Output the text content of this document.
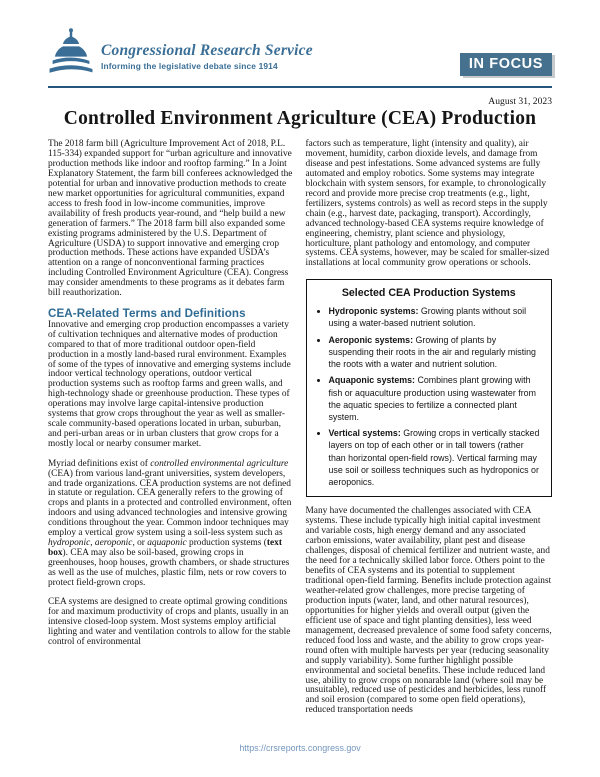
Congressional Research Service
Informing the legislative debate since 1914	IN FOCUS
August 31, 2023
Controlled Environment Agriculture (CEA) Production

The 2018 farm bill (Agriculture Improvement Act of 2018, P.L. 115-334) expanded support for “urban agriculture and innovative production methods like indoor and rooftop farming.” In a Joint Explanatory Statement, the farm bill conferees acknowledged the potential for urban and innovative production methods to create new market opportunities for agricultural communities, expand access to fresh food in low-income communities, improve availability of fresh products year-round, and “help build a new generation of farmers.” The 2018 farm bill also expanded some existing programs administered by the U.S. Department of Agriculture (USDA) to support innovative and emerging crop production methods. These actions have expanded USDA’s attention on a range of nonconventional farming practices including Controlled Environment Agriculture (CEA). Congress may consider amendments to these programs as it debates farm bill reauthorization.

CEA-Related Terms and Definitions

Innovative and emerging crop production encompasses a variety of cultivation techniques and alternative modes of production compared to that of more traditional outdoor open-field production in a mostly land-based rural environment. Examples of some of the types of innovative and emerging systems include indoor vertical technology operations, outdoor vertical production systems such as rooftop farms and green walls, and high-technology shade or greenhouse production. These types of operations may involve large capital-intensive production systems that grow crops throughout the year as well as smaller-scale community-based operations located in urban, suburban, and peri-urban areas or in urban clusters that grow crops for a mostly local or nearby consumer market.

Myriad definitions exist of controlled environmental agriculture (CEA) from various land-grant universities, system developers, and trade organizations. CEA production systems are not defined in statute or regulation. CEA generally refers to the growing of crops and plants in a protected and controlled environment, often indoors and using advanced technologies and intensive growing conditions throughout the year. Common indoor techniques may employ a vertical grow system using a soil-less system such as hydroponic, aeroponic, or aquaponic production systems (text box). CEA may also be soil-based, growing crops in greenhouses, hoop houses, growth chambers, or shade structures as well as the use of mulches, plastic film, nets or row covers to protect field-grown crops.

CEA systems are designed to create optimal growing conditions for and maximum productivity of crops and plants, usually in an intensive closed-loop system. Most systems employ artificial lighting and water and ventilation controls to allow for the stable control of environmental

factors such as temperature, light (intensity and quality), air movement, humidity, carbon dioxide levels, and damage from disease and pest infestations. Some advanced systems are fully automated and employ robotics. Some systems may integrate blockchain with system sensors, for example, to chronologically record and provide more precise crop treatments (e.g., light, fertilizers, systems controls) as well as record steps in the supply chain (e.g., harvest date, packaging, transport). Accordingly, advanced technology-based CEA systems require knowledge of engineering, chemistry, plant science and physiology, horticulture, plant pathology and entomology, and computer systems. CEA systems, however, may be scaled for smaller-sized installations at local community grow operations or schools.

Selected CEA Production Systems
• Hydroponic systems: Growing plants without soil using a water-based nutrient solution.
• Aeroponic systems: Growing of plants by suspending their roots in the air and regularly misting the roots with a water and nutrient solution.
• Aquaponic systems: Combines plant growing with fish or aquaculture production using wastewater from the aquatic species to fertilize a connected plant system.
• Vertical systems: Growing crops in vertically stacked layers on top of each other or in tall towers (rather than horizontal open-field rows). Vertical farming may use soil or soilless techniques such as hydroponics or aeroponics.

Many have documented the challenges associated with CEA systems. These include typically high initial capital investment and variable costs, high energy demand and any associated carbon emissions, water availability, plant pest and disease challenges, disposal of chemical fertilizer and nutrient waste, and the need for a technically skilled labor force. Others point to the benefits of CEA systems and its potential to supplement traditional open-field farming. Benefits include protection against weather-related grow challenges, more precise targeting of production inputs (water, land, and other natural resources), opportunities for higher yields and overall output (given the efficient use of space and tight planting densities), less weed management, decreased prevalence of some food safety concerns, reduced food loss and waste, and the ability to grow crops year-round often with multiple harvests per year (reducing seasonality and supply variability). Some further highlight possible environmental and societal benefits. These include reduced land use, ability to grow crops on nonarable land (where soil may be unsuitable), reduced use of pesticides and herbicides, less runoff and soil erosion (compared to some open field operations), reduced transportation needs

https://crsreports.congress.gov
